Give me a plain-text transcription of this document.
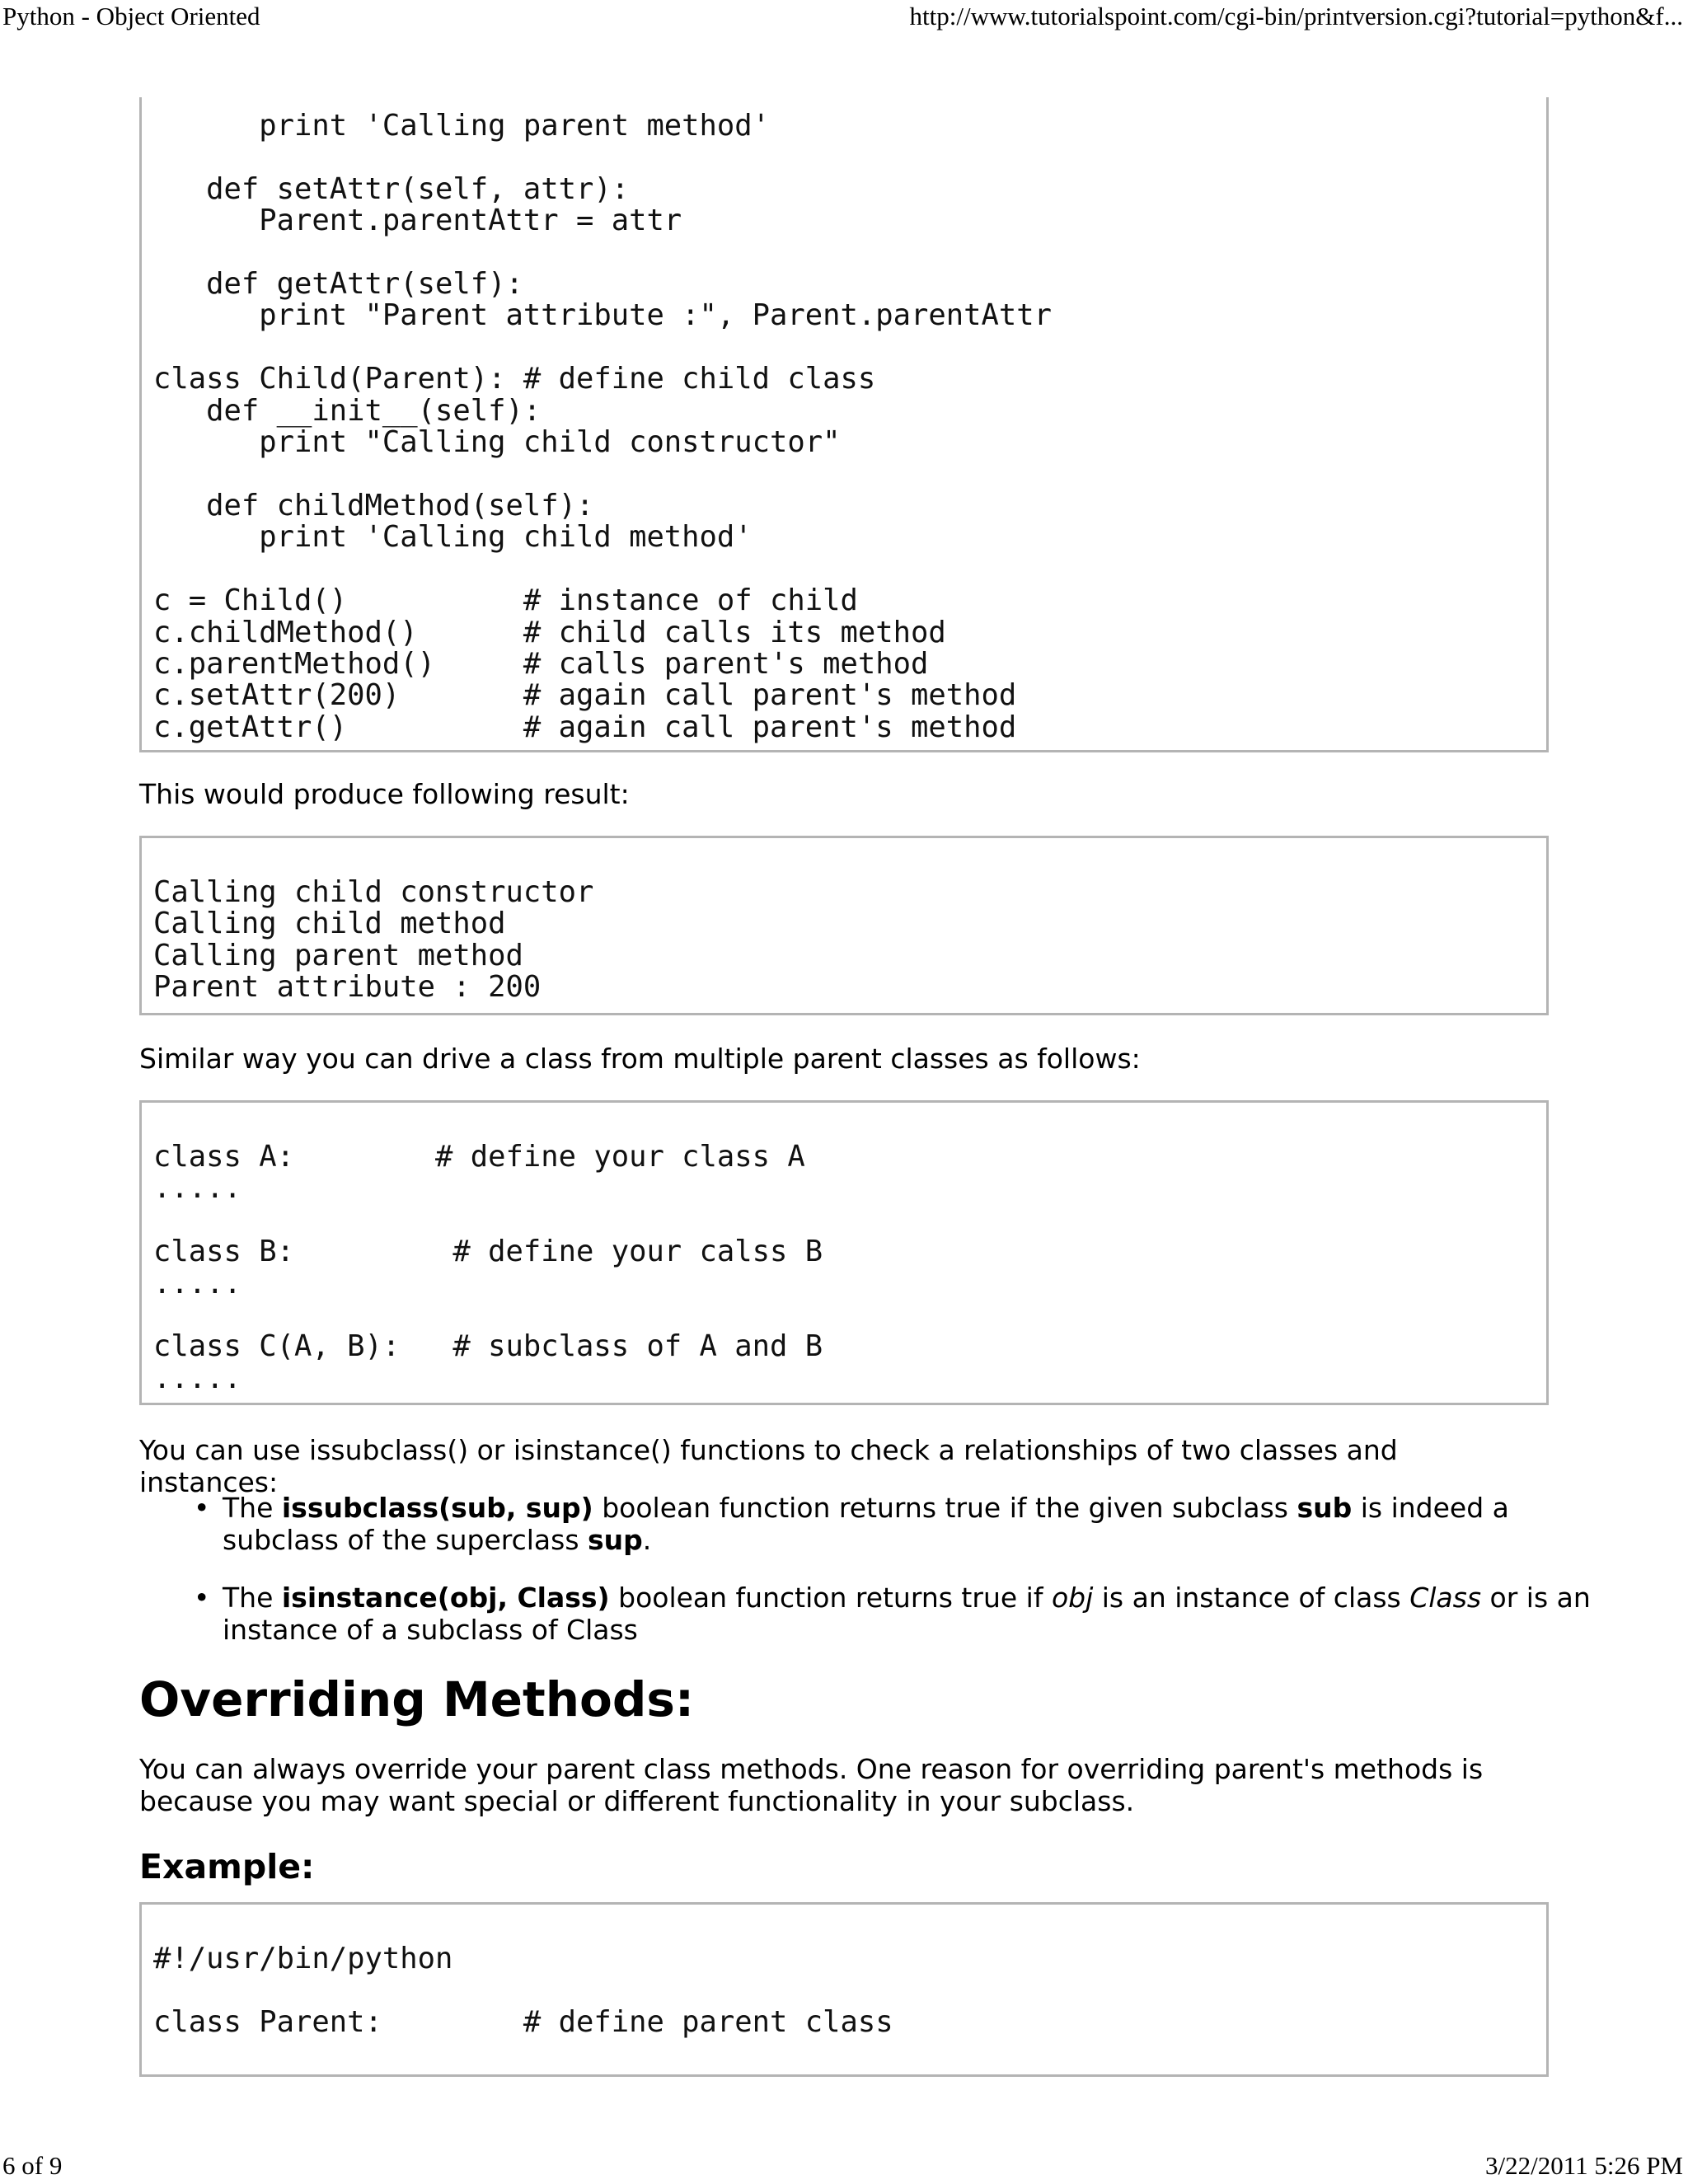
Python - Object Oriented	http://www.tutorialspoint.com/cgi-bin/printversion.cgi?tutorial=python&f...
print 'Calling parent method'

def setAttr(self, attr):
Parent.parentAttr = attr

def getAttr(self):
print "Parent attribute :", Parent.parentAttr

class Child(Parent): # define child class
def __init__(self):
print "Calling child constructor"

def childMethod(self):
print 'Calling child method'

c = Child()          # instance of child
c.childMethod()      # child calls its method
c.parentMethod()     # calls parent's method
c.setAttr(200)       # again call parent's method
c.getAttr()          # again call parent's method

This would produce following result:

Calling child constructor
Calling child method
Calling parent method
Parent attribute : 200

Similar way you can drive a class from multiple parent classes as follows:

class A:        # define your class A
.....

class B:         # define your calss B
.....

class C(A, B):   # subclass of A and B
.....

You can use issubclass() or isinstance() functions to check a relationships of two classes and instances:

• The issubclass(sub, sup) boolean function returns true if the given subclass sub is indeed a subclass of the superclass sup.
• The isinstance(obj, Class) boolean function returns true if obj is an instance of class Class or is an instance of a subclass of Class
Overriding Methods:

You can always override your parent class methods. One reason for overriding parent's methods is because you may want special or different functionality in your subclass.

Example:
#!/usr/bin/python

class Parent:        # define parent class
6 of 9	3/22/2011 5:26 PM
